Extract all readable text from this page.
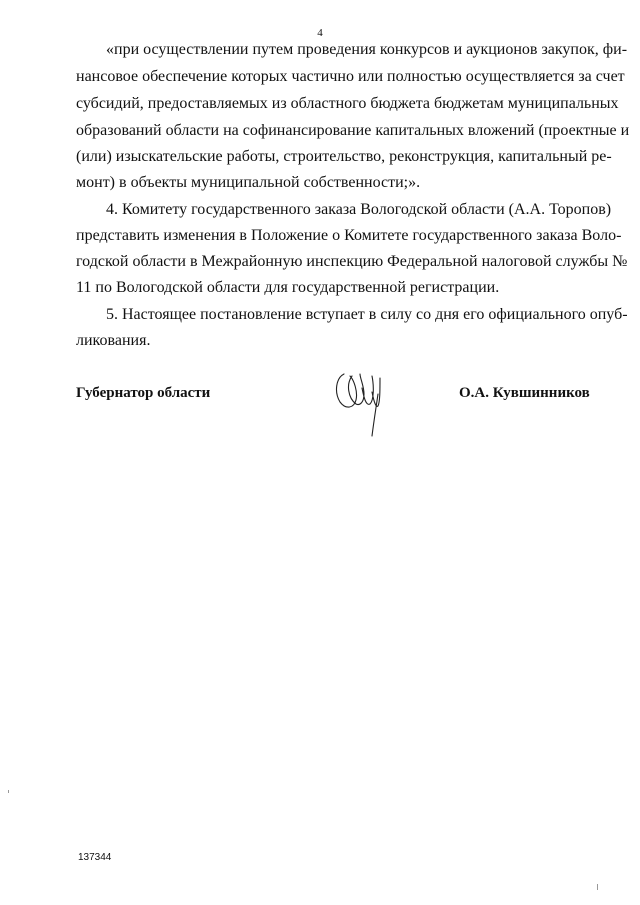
4
«при осуществлении путем проведения конкурсов и аукционов закупок, фи-
нансовое обеспечение которых частично или полностью осуществляется за счет
субсидий, предоставляемых из областного бюджета бюджетам муниципальных
образований области на софинансирование капитальных вложений (проектные и
(или) изыскательские работы, строительство, реконструкция, капитальный ре-
монт) в объекты муниципальной собственности;».
4. Комитету государственного заказа Вологодской области (А.А. Торопов)
представить изменения в Положение о Комитете государственного заказа Воло-
годской области в Межрайонную инспекцию Федеральной налоговой службы №
11 по Вологодской области для государственной регистрации.
5. Настоящее постановление вступает в силу со дня его официального опуб-
ликования.
Губернатор области	О.А. Кувшинников
137344
